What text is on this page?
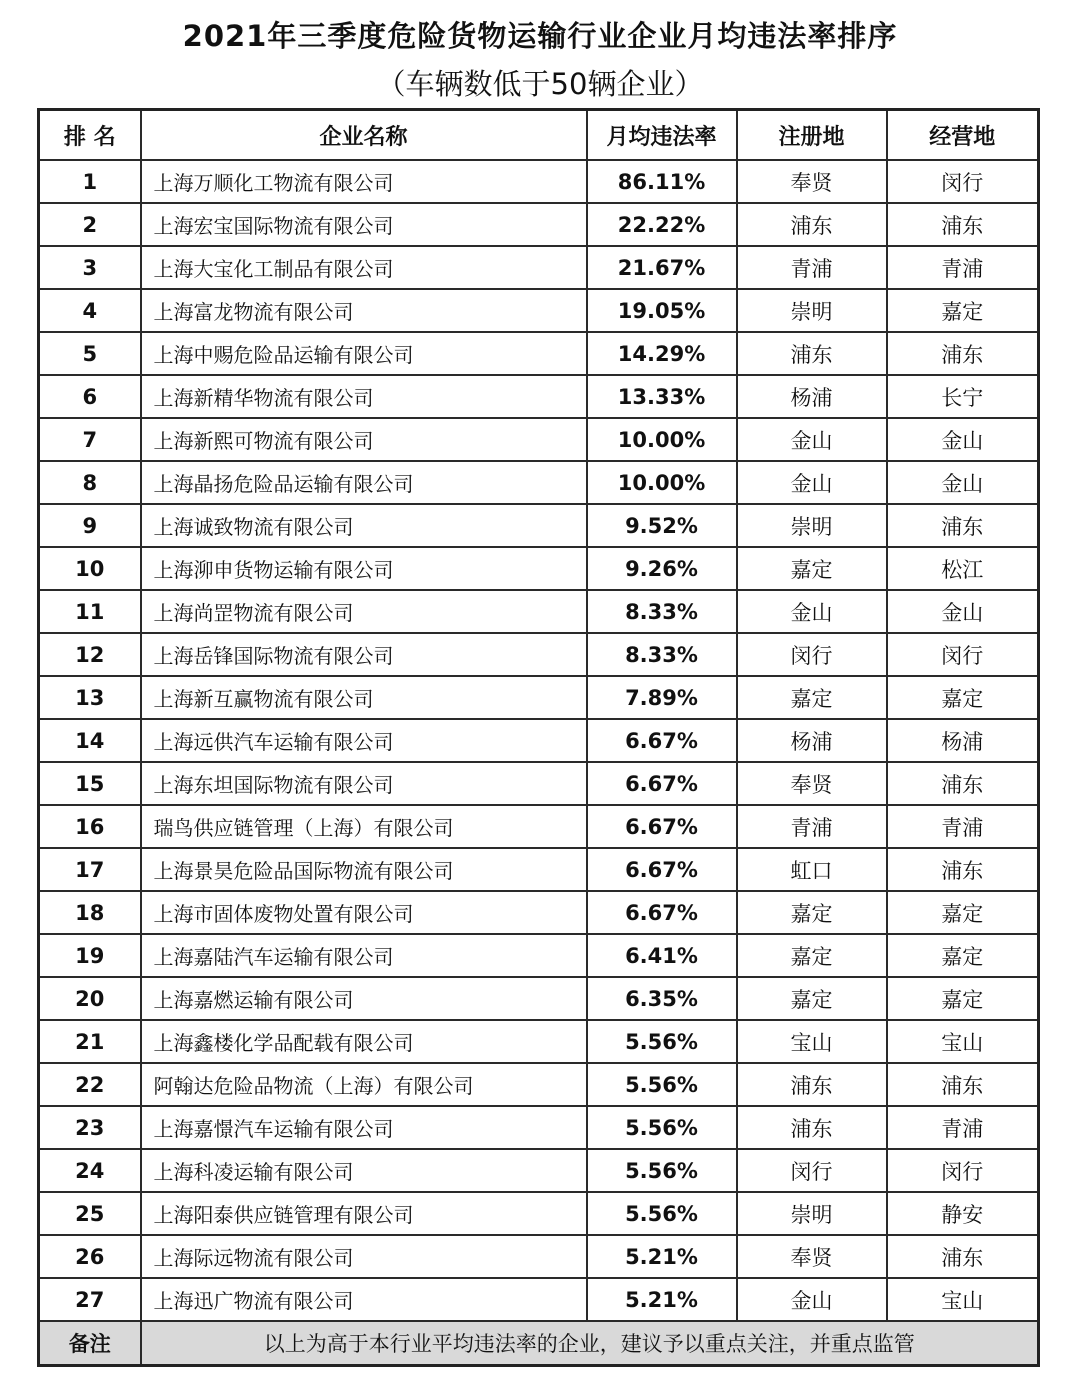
2021年三季度危险货物运输行业企业月均违法率排序
（车辆数低于50辆企业）
排 名	企业名称	月均违法率	注册地	经营地
1	上海万顺化工物流有限公司	86.11%	奉贤	闵行
2	上海宏宝国际物流有限公司	22.22%	浦东	浦东
3	上海大宝化工制品有限公司	21.67%	青浦	青浦
4	上海富龙物流有限公司	19.05%	崇明	嘉定
5	上海中赐危险品运输有限公司	14.29%	浦东	浦东
6	上海新精华物流有限公司	13.33%	杨浦	长宁
7	上海新熙可物流有限公司	10.00%	金山	金山
8	上海晶扬危险品运输有限公司	10.00%	金山	金山
9	上海诚致物流有限公司	9.52%	崇明	浦东
10	上海泖申货物运输有限公司	9.26%	嘉定	松江
11	上海尚罡物流有限公司	8.33%	金山	金山
12	上海岳锋国际物流有限公司	8.33%	闵行	闵行
13	上海新互赢物流有限公司	7.89%	嘉定	嘉定
14	上海远供汽车运输有限公司	6.67%	杨浦	杨浦
15	上海东坦国际物流有限公司	6.67%	奉贤	浦东
16	瑞鸟供应链管理（上海）有限公司	6.67%	青浦	青浦
17	上海景昊危险品国际物流有限公司	6.67%	虹口	浦东
18	上海市固体废物处置有限公司	6.67%	嘉定	嘉定
19	上海嘉陆汽车运输有限公司	6.41%	嘉定	嘉定
20	上海嘉燃运输有限公司	6.35%	嘉定	嘉定
21	上海鑫楼化学品配载有限公司	5.56%	宝山	宝山
22	阿翰达危险品物流（上海）有限公司	5.56%	浦东	浦东
23	上海嘉憬汽车运输有限公司	5.56%	浦东	青浦
24	上海科凌运输有限公司	5.56%	闵行	闵行
25	上海阳泰供应链管理有限公司	5.56%	崇明	静安
26	上海际远物流有限公司	5.21%	奉贤	浦东
27	上海迅广物流有限公司	5.21%	金山	宝山
备注	以上为高于本行业平均违法率的企业，建议予以重点关注，并重点监管			
